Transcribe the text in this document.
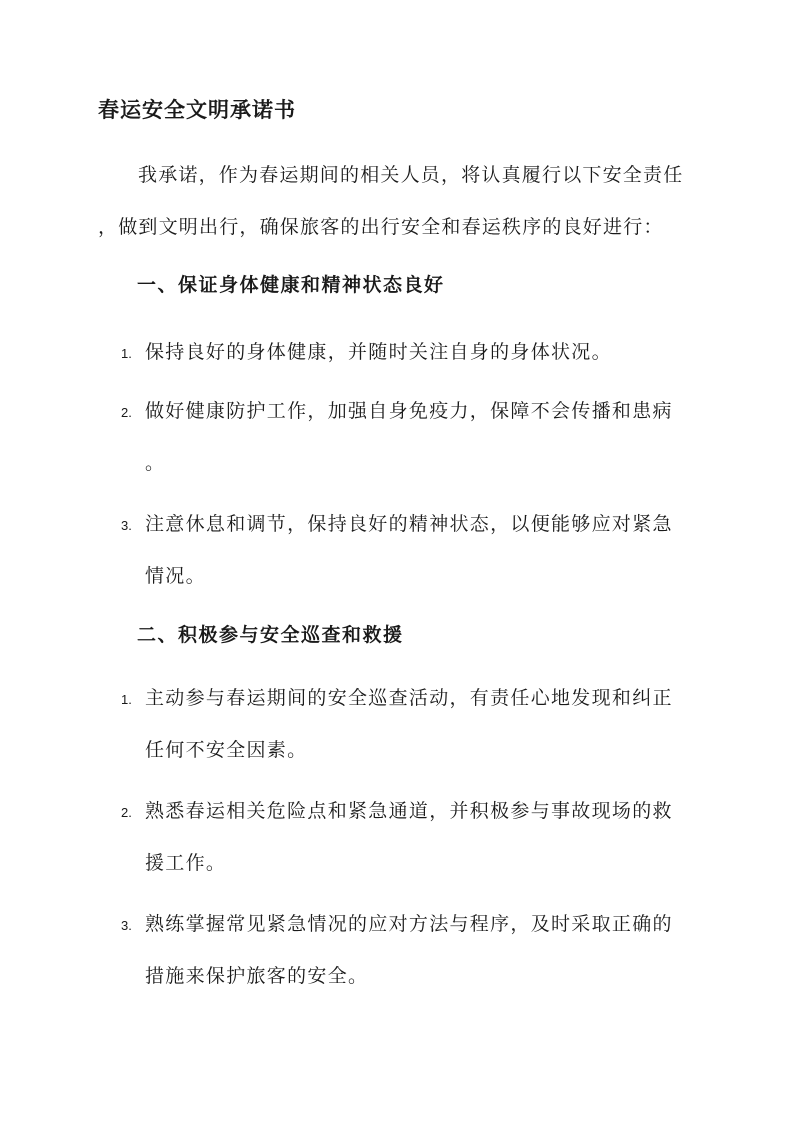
春运安全文明承诺书
我承诺，作为春运期间的相关人员，将认真履行以下安全责任
，做到文明出行，确保旅客的出行安全和春运秩序的良好进行：
一、保证身体健康和精神状态良好
1. 保持良好的身体健康，并随时关注自身的身体状况。
2. 做好健康防护工作，加强自身免疫力，保障不会传播和患病
。
3. 注意休息和调节，保持良好的精神状态，以便能够应对紧急
情况。
二、积极参与安全巡查和救援
1. 主动参与春运期间的安全巡查活动，有责任心地发现和纠正
任何不安全因素。
2. 熟悉春运相关危险点和紧急通道，并积极参与事故现场的救
援工作。
3. 熟练掌握常见紧急情况的应对方法与程序，及时采取正确的
措施来保护旅客的安全。
